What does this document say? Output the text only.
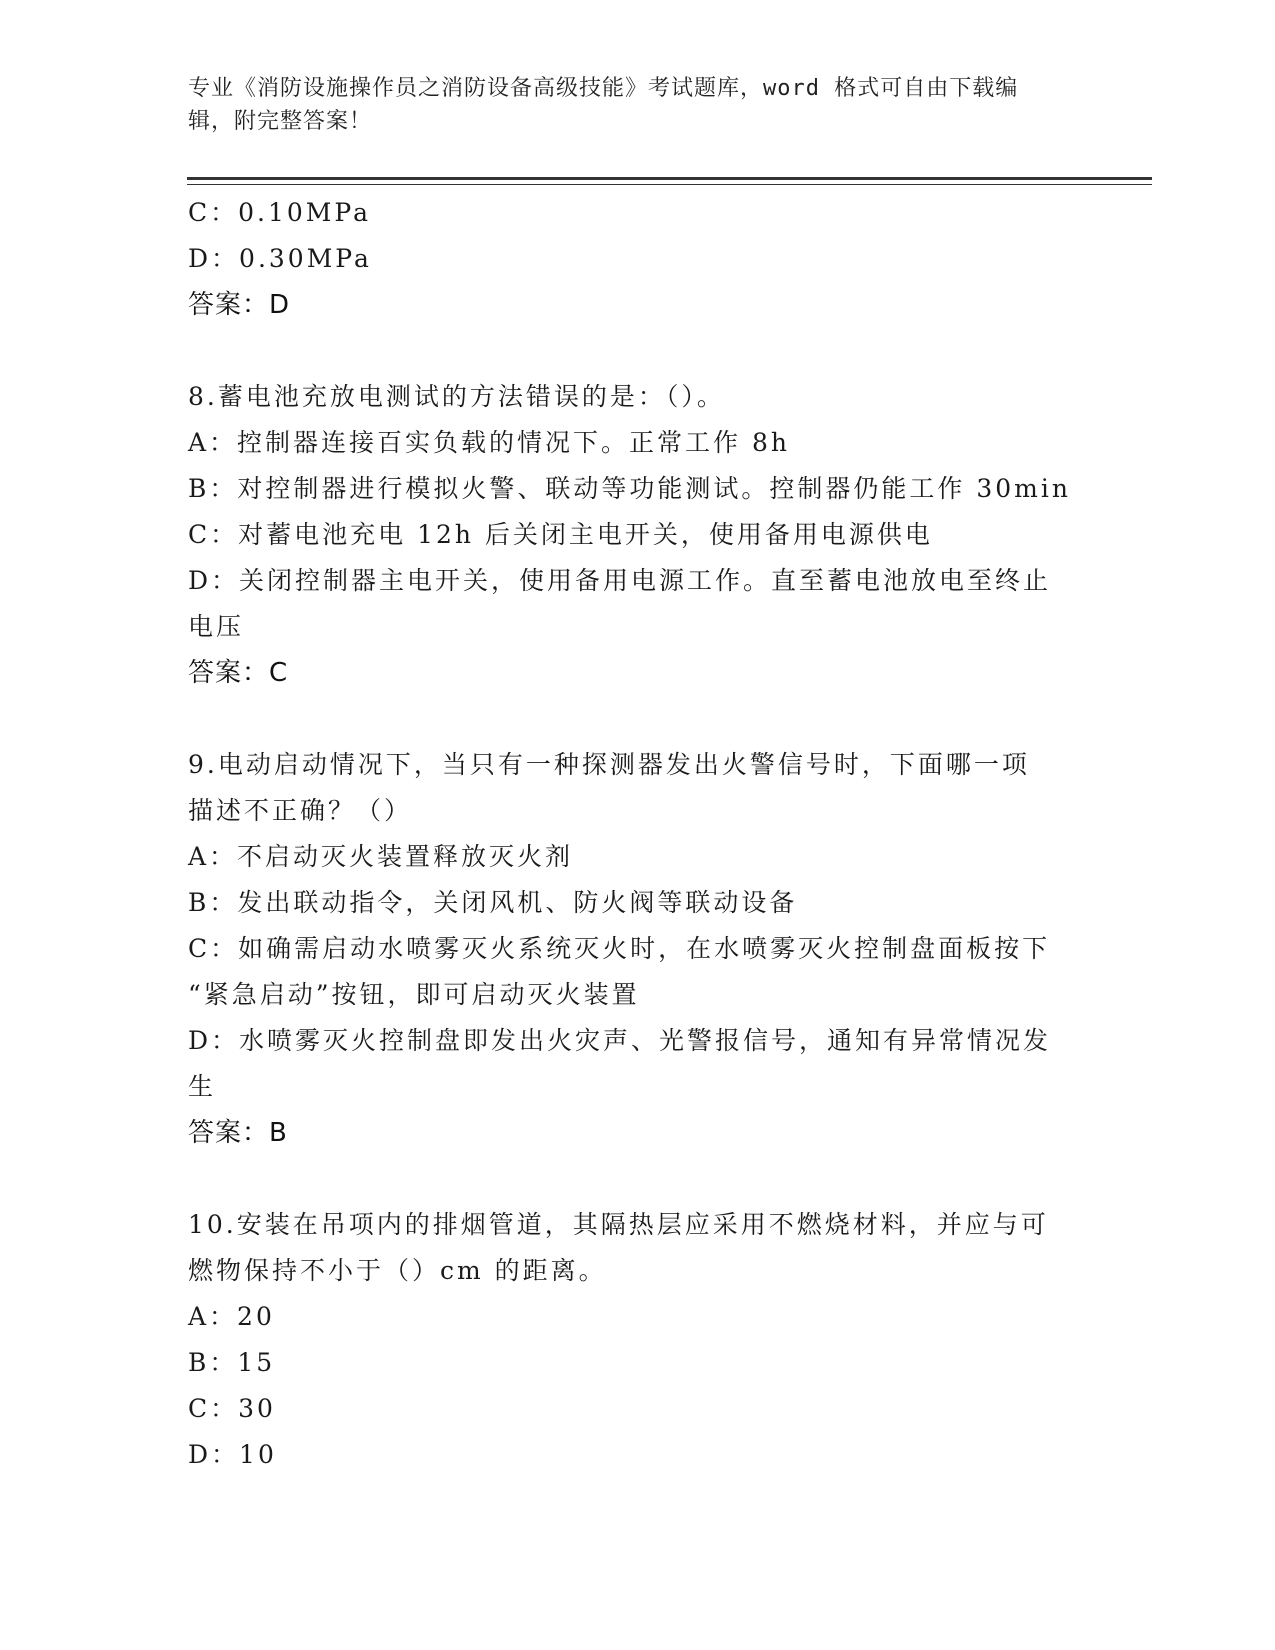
专业《消防设施操作员之消防设备高级技能》考试题库，word 格式可自由下载编
辑，附完整答案！

C：0.10MPa

D：0.30MPa

答案：D

8.蓄电池充放电测试的方法错误的是：（）。

A：控制器连接百实负载的情况下。正常工作 8h

B：对控制器进行模拟火警、联动等功能测试。控制器仍能工作 30min

C：对蓄电池充电 12h 后关闭主电开关，使用备用电源供电

D：关闭控制器主电开关，使用备用电源工作。直至蓄电池放电至终止

电压

答案：C

9.电动启动情况下，当只有一种探测器发出火警信号时，下面哪一项

描述不正确？（）

A：不启动灭火装置释放灭火剂

B：发出联动指令，关闭风机、防火阀等联动设备

C：如确需启动水喷雾灭火系统灭火时，在水喷雾灭火控制盘面板按下

“紧急启动”按钮，即可启动灭火装置

D：水喷雾灭火控制盘即发出火灾声、光警报信号，通知有异常情况发

生

答案：B

10.安装在吊项内的排烟管道，其隔热层应采用不燃烧材料，并应与可

燃物保持不小于（）cm 的距离。

A：20

B：15

C：30

D：10
